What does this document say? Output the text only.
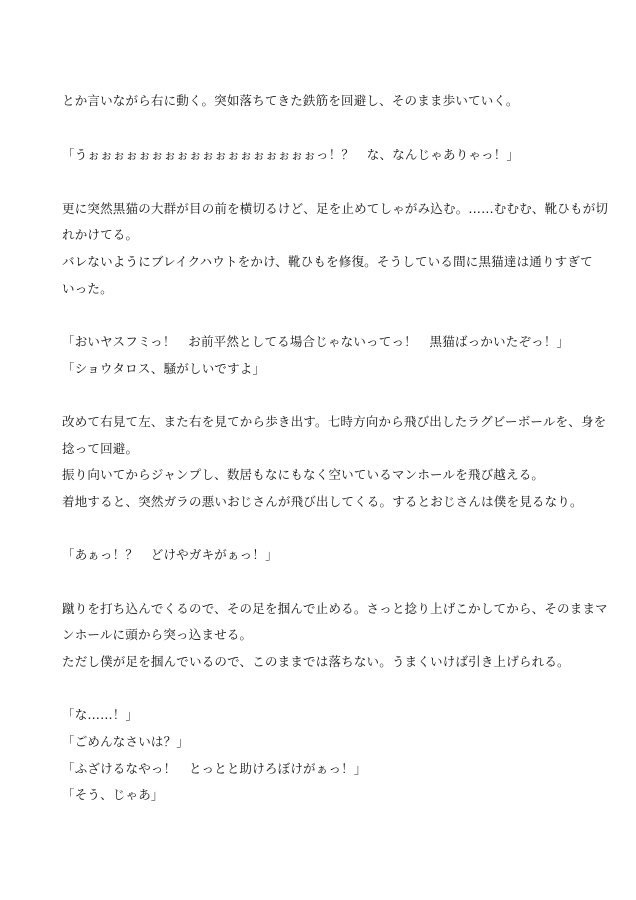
とか言いながら右に動く。突如落ちてきた鉄筋を回避し、そのまま歩いていく。
「うぉぉぉぉぉぉぉぉぉぉぉぉぉぉぉぉぉぉっ！？　な、なんじゃありゃっ！」
更に突然黒猫の大群が目の前を横切るけど、足を止めてしゃがみ込む。……むむむ、靴ひもが切
れかけてる。
バレないようにブレイクハウトをかけ、靴ひもを修復。そうしている間に黒猫達は通りすぎて
いった。
「おいヤスフミっ！　お前平然としてる場合じゃないってっ！　黒猫ばっかいたぞっ！」
「ショウタロス、騒がしいですよ」
改めて右見て左、また右を見てから歩き出す。七時方向から飛び出したラグビーボールを、身を
捻って回避。
振り向いてからジャンプし、数居もなにもなく空いているマンホールを飛び越える。
着地すると、突然ガラの悪いおじさんが飛び出してくる。するとおじさんは僕を見るなり。
「あぁっ！？　どけやガキがぁっ！」
蹴りを打ち込んでくるので、その足を掴んで止める。さっと捻り上げこかしてから、そのままマ
ンホールに頭から突っ込ませる。
ただし僕が足を掴んでいるので、このままでは落ちない。うまくいけば引き上げられる。
「な……！」
「ごめんなさいは？」
「ふざけるなやっ！　とっとと助けろぼけがぁっ！」
「そう、じゃあ」
